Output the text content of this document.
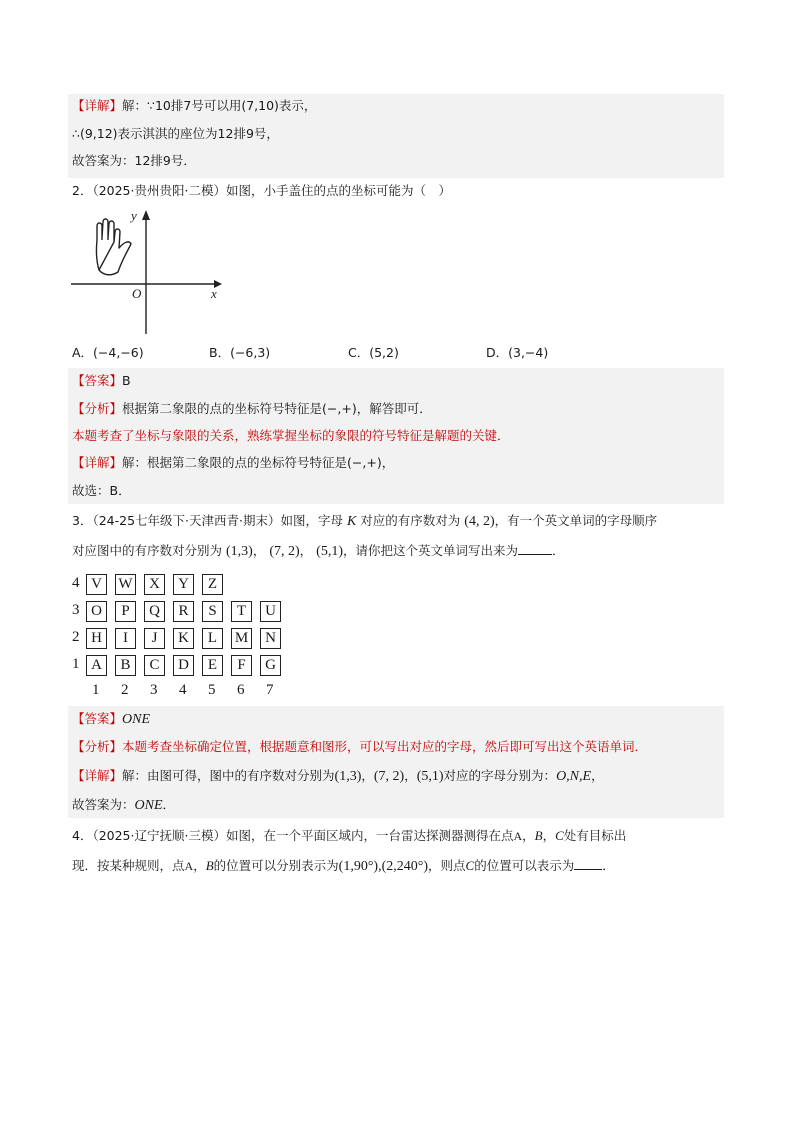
【详解】解：∵10排7号可以用(7,10)表示，
∴(9,12)表示淇淇的座位为12排9号，
故答案为：12排9号．
2．（2025·贵州贵阳·二模）如图，小手盖住的点的坐标可能为（　）
y
x
O
A．(−4,−6)	B．(−6,3)	C．(5,2)	D．(3,−4)
【答案】B
【分析】根据第二象限的点的坐标符号特征是(−,+)，解答即可．
本题考查了坐标与象限的关系，熟练掌握坐标的象限的符号特征是解题的关键．
【详解】解：根据第二象限的点的坐标符号特征是(−,+)，
故选：B．
3．（24-25七年级下·天津西青·期末）如图，字母 K 对应的有序数对为 (4, 2)，有一个英文单词的字母顺序
对应图中的有序数对分别为 (1,3)， (7, 2)， (5,1)，请你把这个英文单词写出来为	．
4 V	W	X	Y	Z
3 O	P	Q	R	S	T	U
2 H	I	J	K	L	M	N
1 A	B	C	D	E	F	G
1 2 3 4 5 6 7
【答案】ONE
【分析】本题考查坐标确定位置，根据题意和图形，可以写出对应的字母，然后即可写出这个英语单词．
【详解】解：由图可得，图中的有序数对分别为(1,3)，(7, 2)，(5,1)对应的字母分别为：O,N,E，
故答案为：ONE．
4．（2025·辽宁抚顺·三模）如图，在一个平面区域内，一台雷达探测器测得在点A，B，C处有目标出
现．按某种规则，点A，B的位置可以分别表示为(1,90°),(2,240°)，则点C的位置可以表示为 ．
